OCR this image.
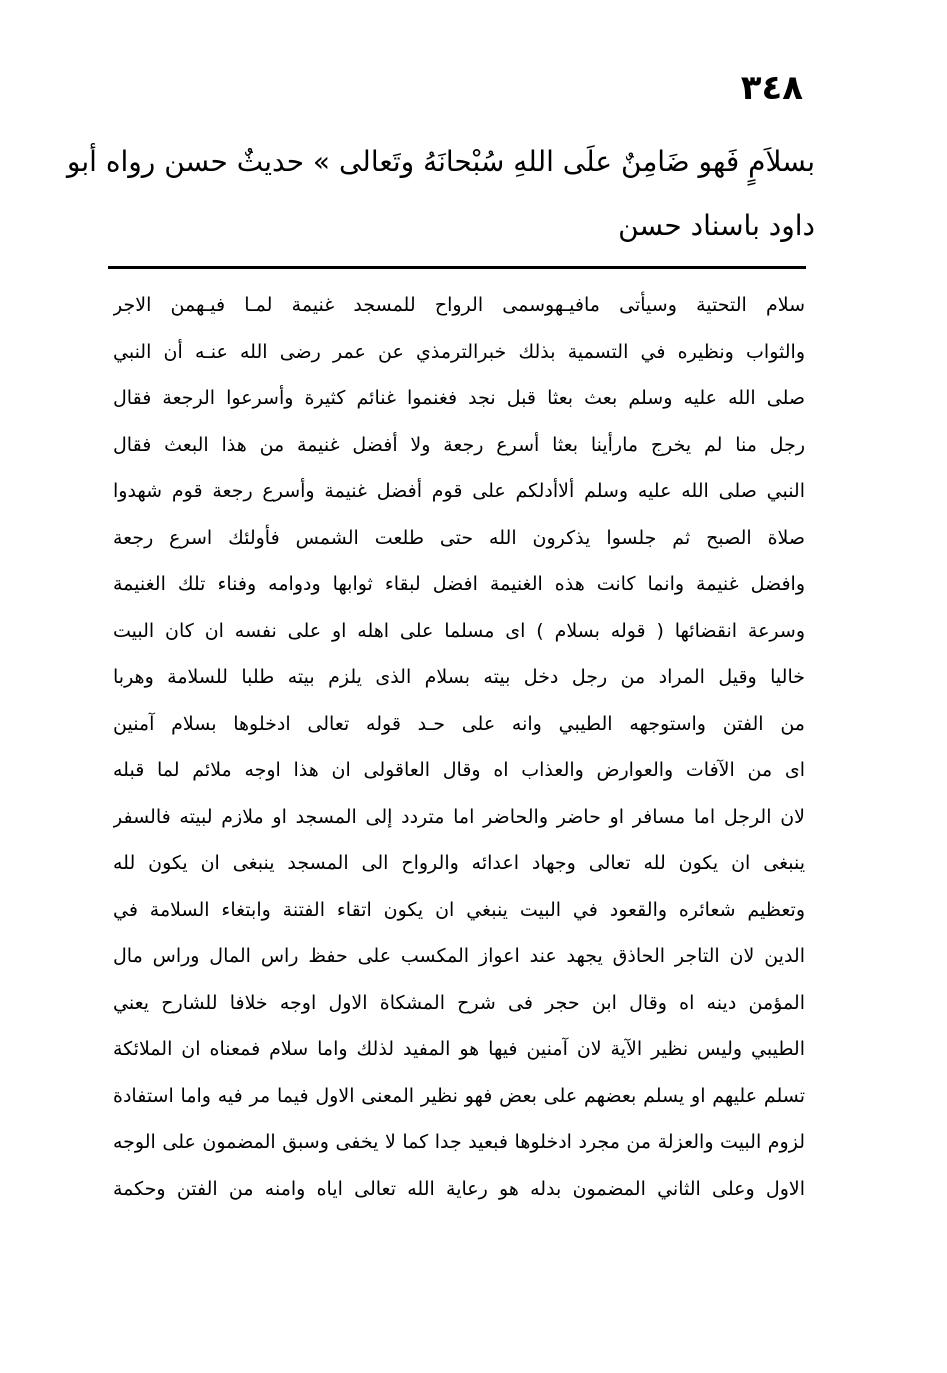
٣٤٨
بسلاَمٍ فَهو ضَامِنٌ علَى اللهِ سُبْحانَهُ وتَعالى » حديثٌ حسن رواه أبو
داود باسناد حسن
سلام التحتية وسيأتى مافيـهوسمى الرواح للمسجد غنيمة لمـا فيـهمن الاجر
والثواب ونظيره في التسمية بذلك خبرالترمذي عن عمر رضى الله عنـه أن النبي
صلى الله عليه وسلم بعث بعثا قبل نجد فغنموا غنائم كثيرة وأسرعوا الرجعة فقال
رجل منا لم يخرج مارأينا بعثا أسرع رجعة ولا أفضل غنيمة من هذا البعث فقال
النبي صلى الله عليه وسلم ألاأدلكم على قوم أفضل غنيمة وأسرع رجعة قوم شهدوا
صلاة الصبح ثم جلسوا يذكرون الله حتى طلعت الشمس فأولئك اسرع رجعة
وافضل غنيمة وانما كانت هذه الغنيمة افضل لبقاء ثوابها ودوامه وفناء تلك الغنيمة
وسرعة انقضائها ( قوله بسلام ) اى مسلما على اهله او على نفسه ان كان البيت
خاليا وقيل المراد من رجل دخل بيته بسلام الذى يلزم بيته طلبا للسلامة وهربا
من الفتن واستوجهه الطيبي وانه على حـد قوله تعالى ادخلوها بسلام آمنين
اى من الآفات والعوارض والعذاب اه وقال العاقولى ان هذا اوجه ملائم لما قبله
لان الرجل اما مسافر او حاضر والحاضر اما متردد إلى المسجد او ملازم لبيته فالسفر
ينبغى ان يكون لله تعالى وجهاد اعدائه والرواح الى المسجد ينبغى ان يكون لله
وتعظيم شعائره والقعود في البيت ينبغي ان يكون اتقاء الفتنة وابتغاء السلامة في
الدين لان التاجر الحاذق يجهد عند اعواز المكسب على حفظ راس المال وراس مال
المؤمن دينه اه وقال ابن حجر فى شرح المشكاة الاول اوجه خلافا للشارح يعني
الطيبي وليس نظير الآية لان آمنين فيها هو المفيد لذلك واما سلام فمعناه ان الملائكة
تسلم عليهم او يسلم بعضهم على بعض فهو نظير المعنى الاول فيما مر فيه واما استفادة
لزوم البيت والعزلة من مجرد ادخلوها فبعيد جدا كما لا يخفى وسبق المضمون على الوجه
الاول وعلى الثاني المضمون بدله هو رعاية الله تعالى اياه وامنه من الفتن وحكمة
